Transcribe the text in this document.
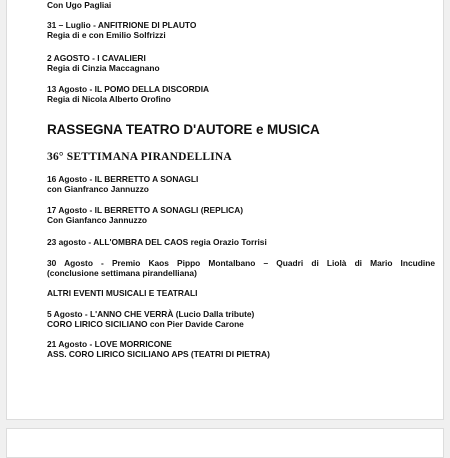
Con Ugo Pagliai
31 – Luglio - ANFITRIONE DI PLAUTO
Regia di e con Emilio Solfrizzi
2 AGOSTO - I CAVALIERI
Regia di Cinzia Maccagnano
13 Agosto - IL POMO DELLA DISCORDIA
Regia di Nicola Alberto Orofino
RASSEGNA TEATRO D'AUTORE e MUSICA
36° SETTIMANA PIRANDELLINA
16 Agosto - IL BERRETTO A SONAGLI
con Gianfranco Jannuzzo
17 Agosto - IL BERRETTO A SONAGLI (REPLICA)
Con Gianfanco Jannuzzo
23 agosto - ALL'OMBRA DEL CAOS regia Orazio Torrisi
30 Agosto - Premio Kaos Pippo Montalbano – Quadri di Liolà di Mario Incudine
(conclusione settimana pirandelliana)
ALTRI EVENTI MUSICALI E TEATRALI
5 Agosto - L'ANNO CHE VERRÀ (Lucio Dalla tribute)
CORO LIRICO SICILIANO con Pier Davide Carone
21 Agosto - LOVE MORRICONE
ASS. CORO LIRICO SICILIANO APS (TEATRI DI PIETRA)
